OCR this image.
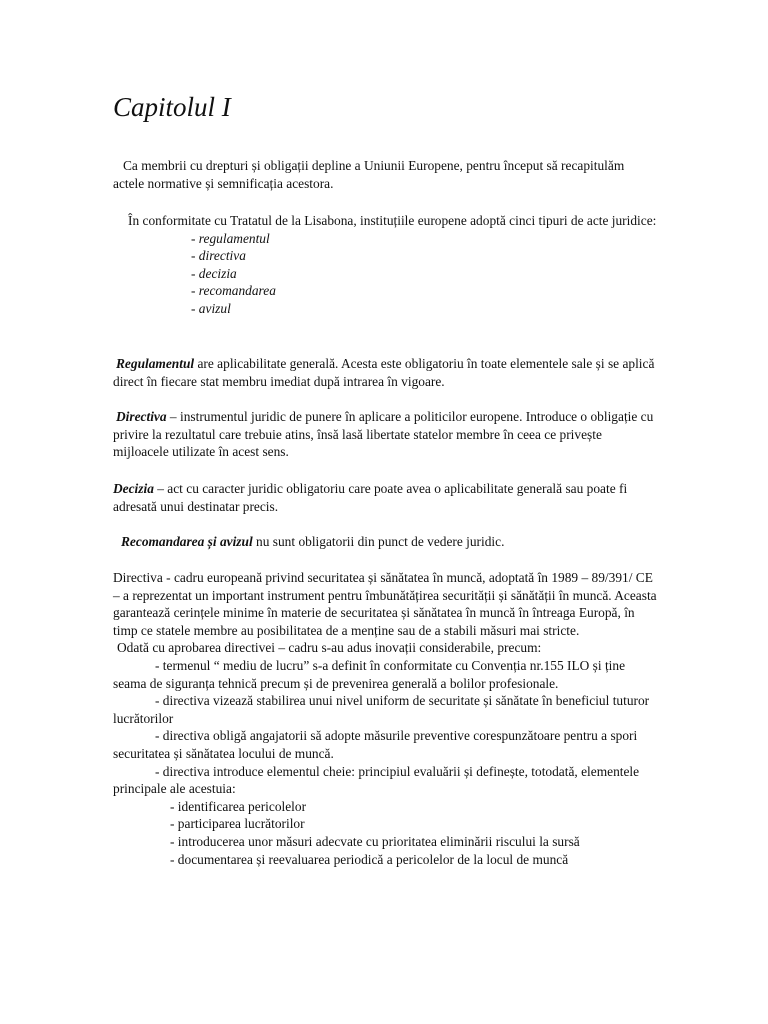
Capitolul I

Ca membrii cu drepturi și obligații depline a Uniunii Europene, pentru început să recapitulăm actele normative și semnificația acestora.

În conformitate cu Tratatul de la Lisabona, instituțiile europene adoptă cinci tipuri de acte juridice:

- regulamentul
- directiva
- decizia
- recomandarea
- avizul

Regulamentul are aplicabilitate generală. Acesta este obligatoriu în toate elementele sale și se aplică direct în fiecare stat membru imediat după intrarea în vigoare.

Directiva – instrumentul juridic de punere în aplicare a politicilor europene. Introduce o obligație cu privire la rezultatul care trebuie atins, însă lasă libertate statelor membre în ceea ce privește mijloacele utilizate în acest sens.

Decizia – act cu caracter juridic obligatoriu care poate avea o aplicabilitate generală sau poate fi adresată unui destinatar precis.

Recomandarea și avizul nu sunt obligatorii din punct de vedere juridic.

Directiva - cadru europeană privind securitatea și sănătatea în muncă, adoptată în 1989 – 89/391/ CE – a reprezentat un important instrument pentru îmbunătățirea securității și sănătății în muncă. Aceasta garantează cerințele minime în materie de securitatea și sănătatea în muncă în întreaga Europă, în timp ce statele membre au posibilitatea de a menține sau de a stabili măsuri mai stricte.

Odată cu aprobarea directivei – cadru s-au adus inovații considerabile, precum:

- termenul “ mediu de lucru” s-a definit în conformitate cu Convenția nr.155 ILO și ține seama de siguranța tehnică precum și de prevenirea generală a bolilor profesionale.
- directiva vizează stabilirea unui nivel uniform de securitate și sănătate în beneficiul tuturor lucrătorilor
- directiva obligă angajatorii să adopte măsurile preventive corespunzătoare pentru a spori securitatea și sănătatea locului de muncă.
- directiva introduce elementul cheie: principiul evaluării și definește, totodată, elementele principale ale acestuia:
- identificarea pericolelor
- participarea lucrătorilor
- introducerea unor măsuri adecvate cu prioritatea eliminării riscului la sursă
- documentarea și reevaluarea periodică a pericolelor de la locul de muncă
